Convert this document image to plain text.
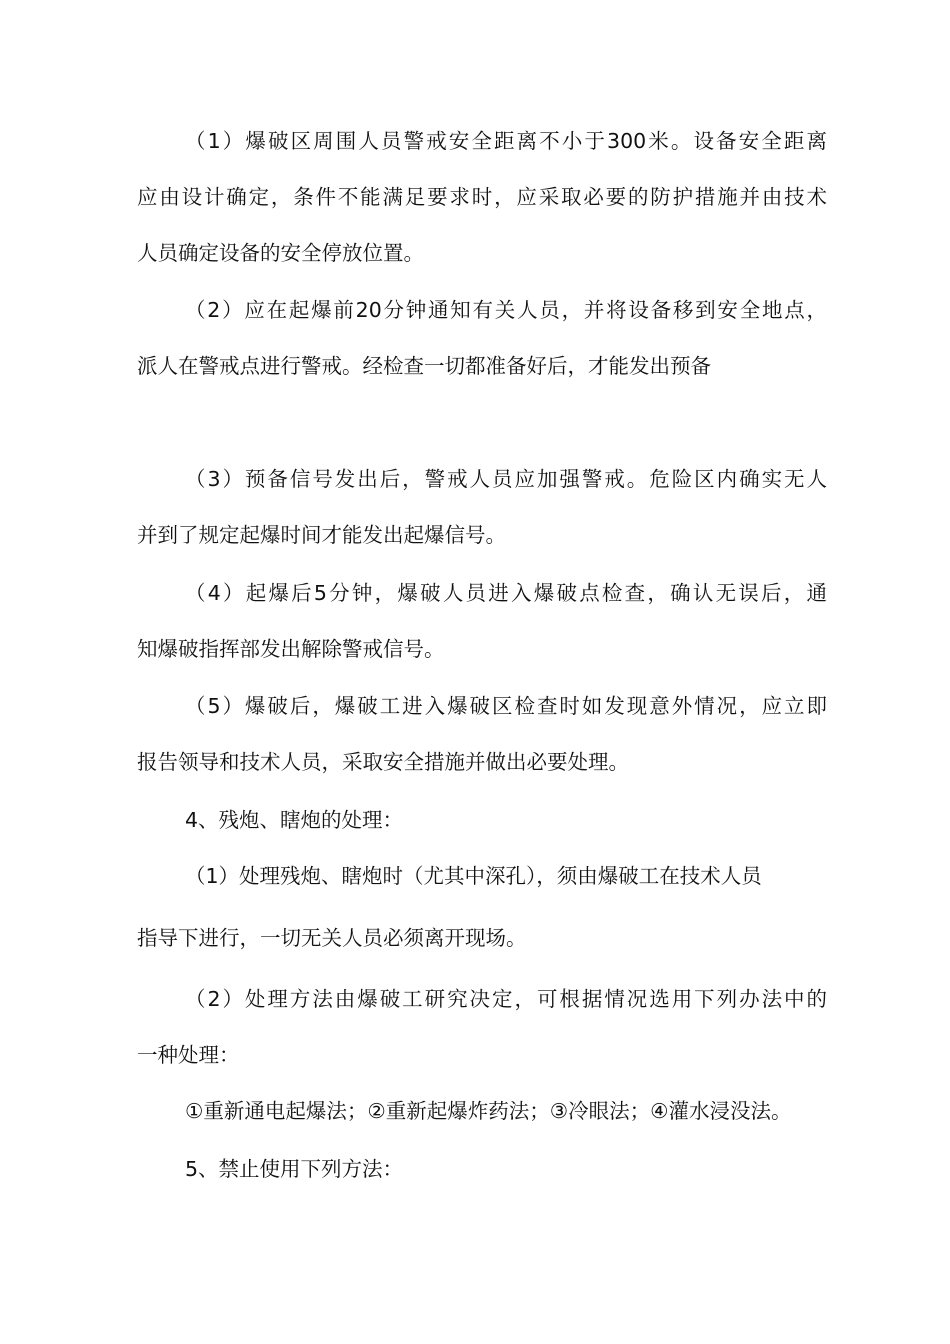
（1）爆破区周围人员警戒安全距离不小于300米。设备安全距离
应由设计确定，条件不能满足要求时，应采取必要的防护措施并由技术
人员确定设备的安全停放位置。
（2）应在起爆前20分钟通知有关人员，并将设备移到安全地点，
派人在警戒点进行警戒。经检查一切都准备好后，才能发出预备
（3）预备信号发出后，警戒人员应加强警戒。危险区内确实无人
并到了规定起爆时间才能发出起爆信号。
（4）起爆后5分钟，爆破人员进入爆破点检查，确认无误后，通
知爆破指挥部发出解除警戒信号。
（5）爆破后，爆破工进入爆破区检查时如发现意外情况，应立即
报告领导和技术人员，采取安全措施并做出必要处理。
4、残炮、瞎炮的处理：
（1）处理残炮、瞎炮时（尤其中深孔），须由爆破工在技术人员
指导下进行，一切无关人员必须离开现场。
（2）处理方法由爆破工研究决定，可根据情况选用下列办法中的
一种处理：
①重新通电起爆法；②重新起爆炸药法；③冷眼法；④灌水浸没法。
5、禁止使用下列方法：
